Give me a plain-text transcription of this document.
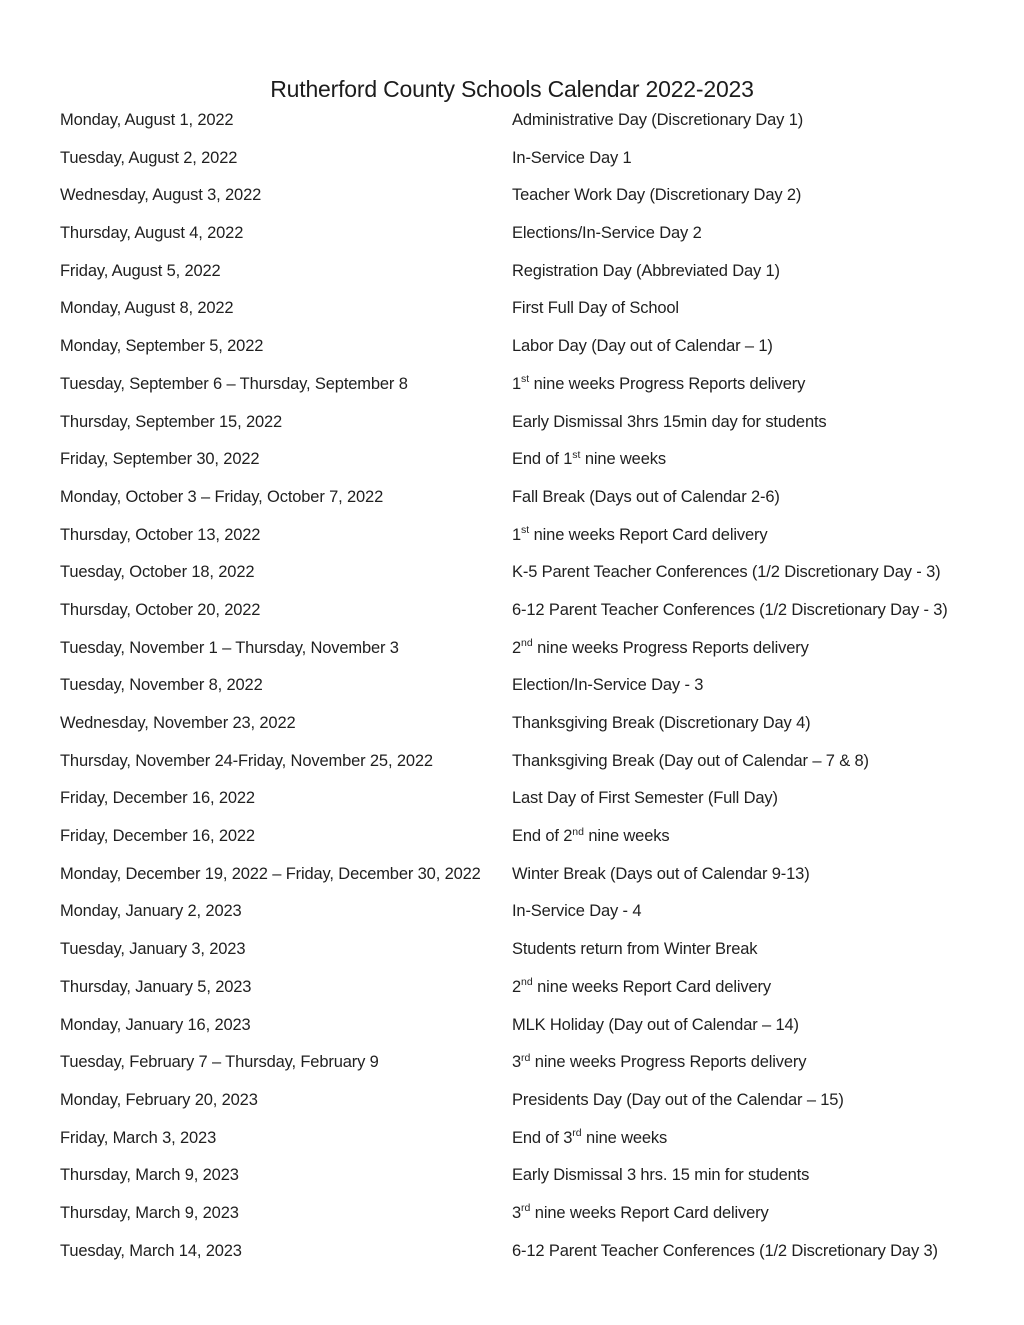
Rutherford County Schools Calendar 2022-2023
Monday, August 1, 2022	Administrative Day (Discretionary Day 1)
Tuesday, August 2, 2022	In-Service Day 1
Wednesday, August 3, 2022	Teacher Work Day (Discretionary Day 2)
Thursday, August 4, 2022	Elections/In-Service Day 2
Friday, August 5, 2022	Registration Day (Abbreviated Day 1)
Monday, August 8, 2022	First Full Day of School
Monday, September 5, 2022	Labor Day (Day out of Calendar – 1)
Tuesday, September 6 – Thursday, September 8	1st nine weeks Progress Reports delivery
Thursday, September 15, 2022	Early Dismissal 3hrs 15min day for students
Friday, September 30, 2022	End of 1st nine weeks
Monday, October 3 – Friday, October 7, 2022	Fall Break (Days out of Calendar 2-6)
Thursday, October 13, 2022	1st nine weeks Report Card delivery
Tuesday, October 18, 2022	K-5 Parent Teacher Conferences (1/2 Discretionary Day - 3)
Thursday, October 20, 2022	6-12 Parent Teacher Conferences (1/2 Discretionary Day - 3)
Tuesday, November 1 – Thursday, November 3	2nd nine weeks Progress Reports delivery
Tuesday, November 8, 2022	Election/In-Service Day - 3
Wednesday, November 23, 2022	Thanksgiving Break (Discretionary Day 4)
Thursday, November 24-Friday, November 25, 2022	Thanksgiving Break (Day out of Calendar – 7 & 8)
Friday, December 16, 2022	Last Day of First Semester (Full Day)
Friday, December 16, 2022	End of 2nd nine weeks
Monday, December 19, 2022 – Friday, December 30, 2022 Winter Break (Days out of Calendar 9-13)
Monday, January 2, 2023	In-Service Day - 4
Tuesday, January 3, 2023	Students return from Winter Break
Thursday, January 5, 2023	2nd nine weeks Report Card delivery
Monday, January 16, 2023	MLK Holiday (Day out of Calendar – 14)
Tuesday, February 7 – Thursday, February 9	3rd nine weeks Progress Reports delivery
Monday, February 20, 2023	Presidents Day (Day out of the Calendar – 15)
Friday, March 3, 2023	End of 3rd nine weeks
Thursday, March 9, 2023	Early Dismissal 3 hrs. 15 min for students
Thursday, March 9, 2023	3rd nine weeks Report Card delivery
Tuesday, March 14, 2023	6-12 Parent Teacher Conferences (1/2 Discretionary Day 3)
